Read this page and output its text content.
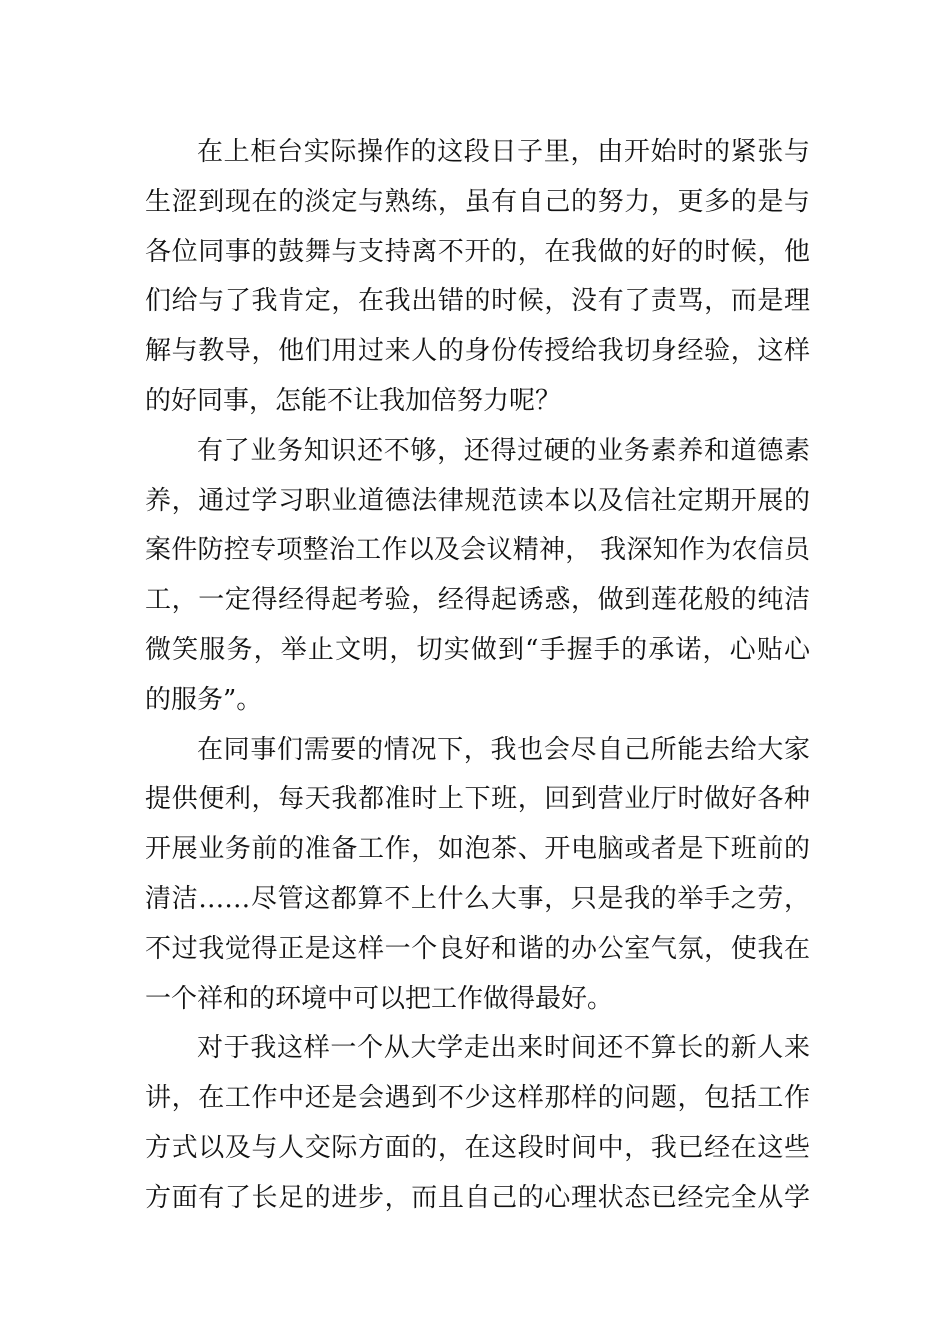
在上柜台实际操作的这段日子里，由开始时的紧张与
生涩到现在的淡定与熟练，虽有自己的努力，更多的是与
各位同事的鼓舞与支持离不开的，在我做的好的时候，他
们给与了我肯定，在我出错的时候，没有了责骂，而是理
解与教导，他们用过来人的身份传授给我切身经验，这样
的好同事，怎能不让我加倍努力呢？
有了业务知识还不够，还得过硬的业务素养和道德素
养，通过学习职业道德法律规范读本以及信社定期开展的
案件防控专项整治工作以及会议精神， 我深知作为农信员
工，一定得经得起考验，经得起诱惑，做到莲花般的纯洁
微笑服务，举止文明，切实做到“手握手的承诺，心贴心
的服务”。
在同事们需要的情况下，我也会尽自己所能去给大家
提供便利，每天我都准时上下班，回到营业厅时做好各种
开展业务前的准备工作，如泡茶、开电脑或者是下班前的
清洁……尽管这都算不上什么大事，只是我的举手之劳，
不过我觉得正是这样一个良好和谐的办公室气氛，使我在
一个祥和的环境中可以把工作做得最好。
对于我这样一个从大学走出来时间还不算长的新人来
讲，在工作中还是会遇到不少这样那样的问题，包括工作
方式以及与人交际方面的，在这段时间中，我已经在这些
方面有了长足的进步，而且自己的心理状态已经完全从学
